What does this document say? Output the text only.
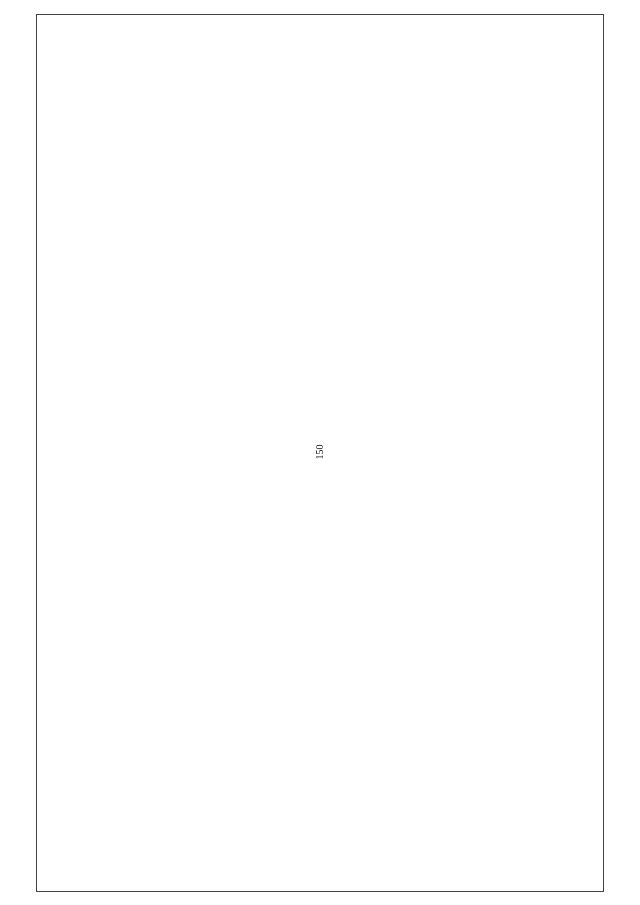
150
